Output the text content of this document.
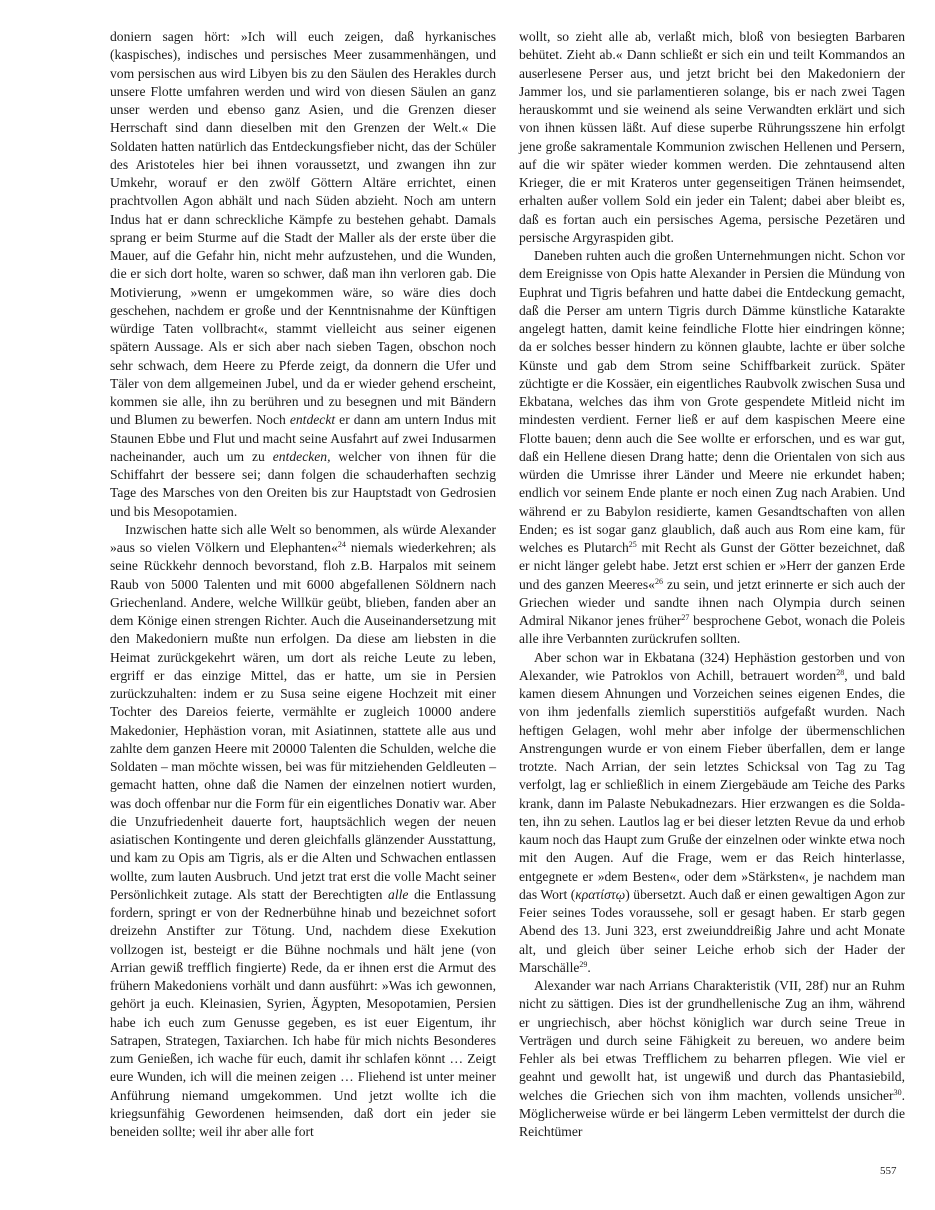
doniern sagen hört: »Ich will euch zeigen, daß hyrkanisches (kaspisches), indisches und persisches Meer zusammenhängen, und vom persischen aus wird Libyen bis zu den Säulen des Herakles durch unsere Flotte umfahren werden und wird von diesen Säulen an ganz unser werden und ebenso ganz Asien, und die Grenzen dieser Herrschaft sind dann dieselben mit den Grenzen der Welt.« Die Soldaten hatten natürlich das Entdeckungsfieber nicht, das der Schüler des Aristoteles hier bei ihnen voraussetzt, und zwangen ihn zur Umkehr, worauf er den zwölf Göttern Altäre errichtet, einen prachtvollen Agon abhält und nach Süden abzieht. Noch am untern Indus hat er dann schreckliche Kämpfe zu bestehen gehabt. Damals sprang er beim Sturme auf die Stadt der Maller als der erste über die Mauer, auf die Gefahr hin, nicht mehr aufzustehen, und die Wunden, die er sich dort holte, waren so schwer, daß man ihn verloren gab. Die Motivierung, »wenn er umgekommen wäre, so wäre dies doch geschehen, nachdem er große und der Kenntnisnahme der Künftigen würdige Taten vollbracht«, stammt vielleicht aus seiner eigenen spätern Aussage. Als er sich aber nach sieben Tagen, obschon noch sehr schwach, dem Heere zu Pferde zeigt, da donnern die Ufer und Täler von dem allgemeinen Jubel, und da er wieder gehend erscheint, kommen sie alle, ihn zu berühren und zu besegnen und mit Bändern und Blumen zu bewerfen. Noch entdeckt er dann am untern Indus mit Staunen Ebbe und Flut und macht seine Ausfahrt auf zwei Indusarmen nacheinander, auch um zu entdecken, welcher von ihnen für die Schiffahrt der bessere sei; dann folgen die schauderhaften sechzig Tage des Marsches von den Oreiten bis zur Hauptstadt von Gedrosien und bis Mesopotamien.

Inzwischen hatte sich alle Welt so benommen, als würde Alexander »aus so vielen Völkern und Elephanten«$^{24}$ niemals wiederkehren; als seine Rückkehr dennoch bevorstand, floh z.B. Harpalos mit seinem Raub von 5000 Talenten und mit 6000 abgefallenen Söldnern nach Griechenland. Andere, welche Willkür geübt, blieben, fanden aber an dem Könige einen strengen Richter. Auch die Auseinandersetzung mit den Makedoniern mußte nun erfolgen. Da diese am liebsten in die Heimat zurückgekehrt wären, um dort als reiche Leute zu leben, ergriff er das einzige Mittel, das er hatte, um sie in Persien zurückzuhalten: indem er zu Susa seine eigene Hochzeit mit einer Tochter des Dareios feierte, vermählte er zugleich 10000 andere Makedonier, Hephästion voran, mit Asiatinnen, stattete alle aus und zahlte dem ganzen Heere mit 20000 Talenten die Schulden, welche die Soldaten – man möchte wissen, bei was für mitziehenden Geldleuten – gemacht hatten, ohne daß die Namen der einzelnen notiert wurden, was doch offenbar nur die Form für ein eigentliches Donativ war. Aber die Unzufriedenheit dauerte fort, hauptsächlich wegen der neuen asiatischen Kontingente und deren gleichfalls glänzender Ausstattung, und kam zu Opis am Tigris, als er die Alten und Schwachen entlassen wollte, zum lauten Ausbruch. Und jetzt trat erst die volle Macht seiner Persönlichkeit zutage. Als statt der Berechtigten alle die Entlassung fordern, springt er von der Rednerbühne hinab und bezeichnet sofort dreizehn Anstifter zur Tötung. Und, nachdem diese Exekution vollzogen ist, besteigt er die Bühne nochmals und hält jene (von Arrian gewiß trefflich fingierte) Rede, da er ihnen erst die Armut des frühern Makedoniens vorhält und dann ausführt: »Was ich gewonnen, gehört ja euch. Kleinasien, Syrien, Ägypten, Mesopotamien, Persien habe ich euch zum Genusse gegeben, es ist euer Eigentum, ihr Satrapen, Strategen, Taxiarchen. Ich habe für mich nichts Besonderes zum Genießen, ich wache für euch, damit ihr schlafen könnt … Zeigt eure Wunden, ich will die meinen zeigen … Fliehend ist unter meiner Anführung niemand umgekommen. Und jetzt wollte ich die kriegsunfähig Gewordenen heimsenden, daß dort ein jeder sie beneiden sollte; weil ihr aber alle fort

wollt, so zieht alle ab, verlaßt mich, bloß von besiegten Barbaren behütet. Zieht ab.« Dann schließt er sich ein und teilt Kommandos an auserlesene Perser aus, und jetzt bricht bei den Makedoniern der Jammer los, und sie parlamentieren solange, bis er nach zwei Tagen herauskommt und sie weinend als seine Verwandten erklärt und sich von ihnen küssen läßt. Auf diese superbe Rührungsszene hin erfolgt jene große sakramentale Kommunion zwischen Hellenen und Persern, auf die wir später wieder kommen werden. Die zehntausend alten Krieger, die er mit Krateros unter gegenseitigen Tränen heimsendet, erhalten außer vollem Sold ein jeder ein Talent; dabei aber bleibt es, daß es fortan auch ein persisches Agema, persische Pezetären und persische Argyraspiden gibt.

Daneben ruhten auch die großen Unternehmungen nicht. Schon vor dem Ereignisse von Opis hatte Alexander in Persien die Mündung von Euphrat und Tigris befahren und hatte dabei die Entdeckung gemacht, daß die Perser am untern Tigris durch Dämme künstliche Katarakte angelegt hatten, damit keine feindliche Flotte hier eindringen könne; da er solches besser hindern zu können glaubte, lachte er über solche Künste und gab dem Strom seine Schiffbarkeit zurück. Später züchtigte er die Kossäer, ein eigentliches Raubvolk zwischen Susa und Ekbatana, welches das ihm von Grote gespendete Mitleid nicht im mindesten verdient. Ferner ließ er auf dem kaspischen Meere eine Flotte bauen; denn auch die See wollte er erforschen, und es war gut, daß ein Hellene diesen Drang hatte; denn die Orientalen von sich aus würden die Umrisse ihrer Länder und Meere nie erkundet haben; endlich vor seinem Ende plante er noch einen Zug nach Arabien. Und während er zu Babylon residierte, kamen Gesandtschaften von allen Enden; es ist sogar ganz glaublich, daß auch aus Rom eine kam, für welches es Plutarch$^{25}$ mit Recht als Gunst der Götter bezeichnet, daß er nicht länger gelebt habe. Jetzt erst schien er »Herr der ganzen Erde und des ganzen Meeres«$^{26}$ zu sein, und jetzt erinnerte er sich auch der Griechen wieder und sandte ihnen nach Olympia durch seinen Admiral Nikanor jenes früher$^{27}$ besprochene Gebot, wonach die Poleis alle ihre Verbannten zurückrufen sollten.

Aber schon war in Ekbatana (324) Hephästion gestorben und von Alexander, wie Patroklos von Achill, betrauert worden$^{28}$, und bald kamen diesem Ahnungen und Vorzeichen seines eigenen Endes, die von ihm jedenfalls ziemlich superstitiös aufgefaßt wurden. Nach heftigen Gelagen, wohl mehr aber infolge der übermenschlichen Anstrengungen wurde er von einem Fieber überfallen, dem er lange trotzte. Nach Arrian, der sein letztes Schicksal von Tag zu Tag verfolgt, lag er schließlich in einem Ziergebäude am Teiche des Parks krank, dann im Palaste Nebukadnezars. Hier erzwangen es die Soldaten, ihn zu sehen. Lautlos lag er bei dieser letzten Revue da und erhob kaum noch das Haupt zum Gruße der einzelnen oder winkte etwa noch mit den Augen. Auf die Frage, wem er das Reich hinterlasse, entgegnete er »dem Besten«, oder dem »Stärksten«, je nachdem man das Wort (κρατίστῳ) übersetzt. Auch daß er einen gewaltigen Agon zur Feier seines Todes voraussehe, soll er gesagt haben. Er starb gegen Abend des 13. Juni 323, erst zweiunddreißig Jahre und acht Monate alt, und gleich über seiner Leiche erhob sich der Hader der Marschälle$^{29}$.

Alexander war nach Arrians Charakteristik (VII, 28f) nur an Ruhm nicht zu sättigen. Dies ist der grundhellenische Zug an ihm, während er ungriechisch, aber höchst königlich war durch seine Treue in Verträgen und durch seine Fähigkeit zu bereuen, wo andere beim Fehler als bei etwas Trefflichem zu beharren pflegen. Wie viel er geahnt und gewollt hat, ist ungewiß und durch das Phantasiebild, welches die Griechen sich von ihm machten, vollends unsicher$^{30}$. Möglicherweise würde er bei längerm Leben vermittelst der durch die Reichtümer

557
